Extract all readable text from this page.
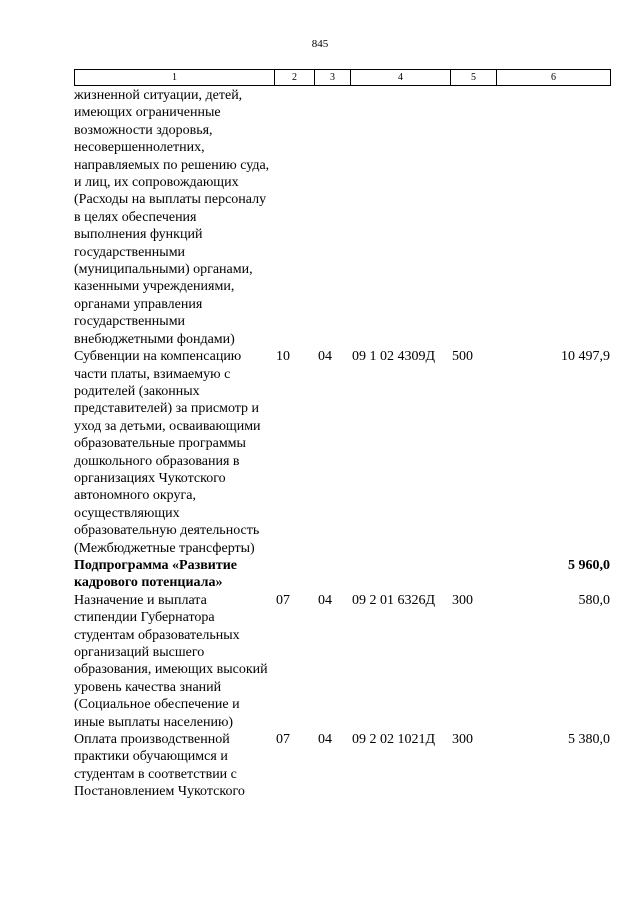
845
1	2	3	4	5	6
жизненной ситуации, детей, имеющих ограниченные возможности здоровья, несовершеннолетних, направляемых по решению суда, и лиц, их сопровождающих (Расходы на выплаты персоналу в целях обеспечения выполнения функций государственными (муниципальными) органами, казенными учреждениями, органами управления государственными внебюджетными фондами)					
Субвенции на компенсацию части платы, взимаемую с родителей (законных представителей) за присмотр и уход за детьми, осваивающими образовательные программы дошкольного образования в организациях Чукотского автономного округа, осуществляющих образовательную деятельность (Межбюджетные трансферты)	10	04	09 1 02 4309Д	500	10 497,9
Подпрограмма «Развитие кадрового потенциала»					5 960,0
Назначение и выплата стипендии Губернатора студентам образовательных организаций высшего образования, имеющих высокий уровень качества знаний (Социальное обеспечение и иные выплаты населению)	07	04	09 2 01 6326Д	300	580,0
Оплата производственной практики обучающимся и студентам в соответствии с Постановлением Чукотского	07	04	09 2 02 1021Д	300	5 380,0
